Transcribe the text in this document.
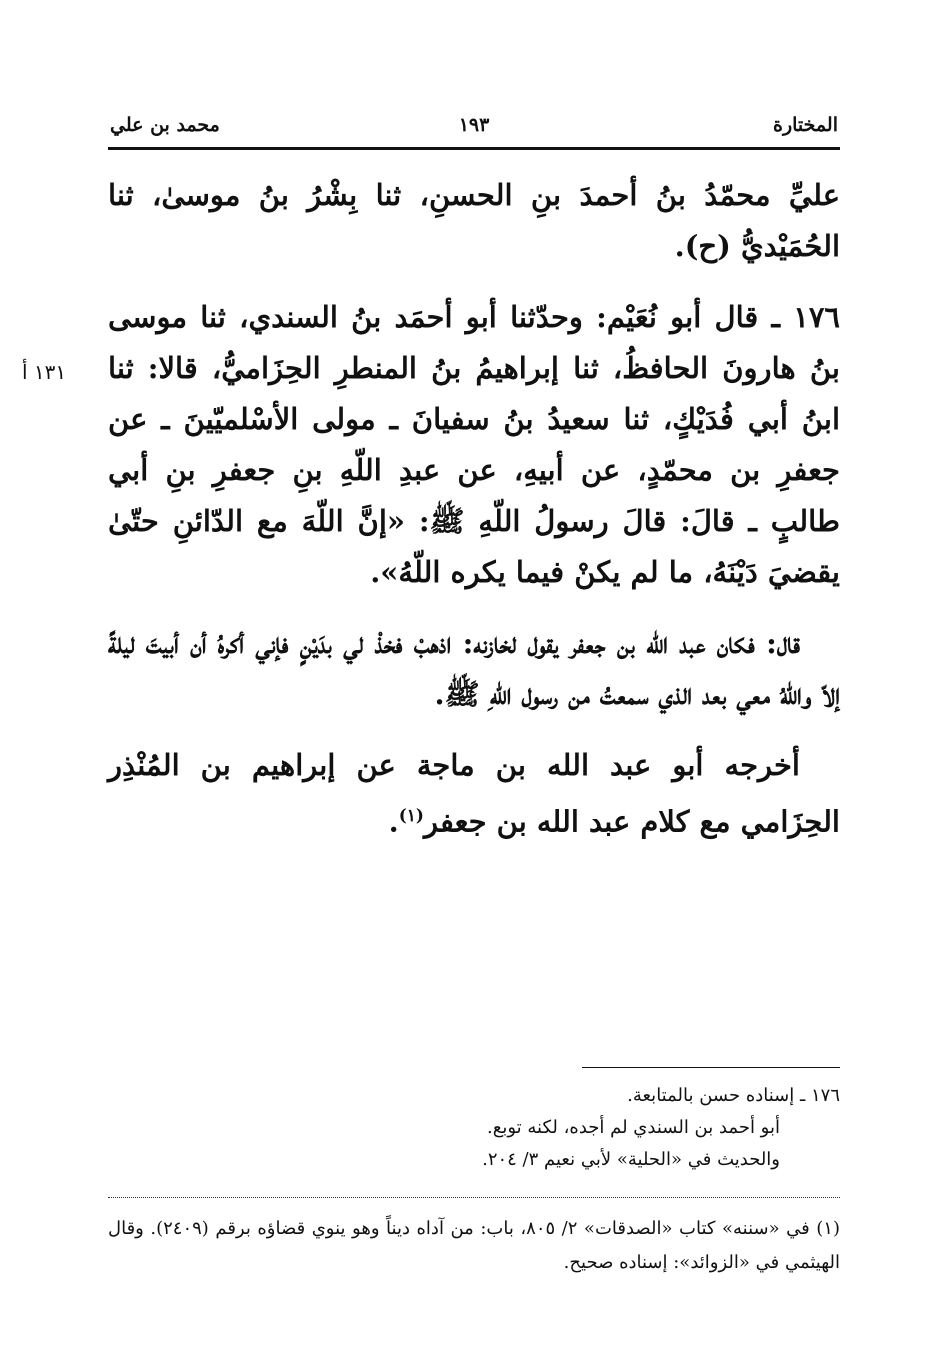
المختارة
١٩٣
محمد بن علي
١٣١ أ

عليِّ محمّدُ بنُ أحمدَ بنِ الحسنِ، ثنا بِشْرُ بنُ موسىٰ، ثنا الحُمَيْديُّ (ح).

١٧٦ ـ قال أبو نُعَيْم: وحدّثنا أبو أحمَد بنُ السندي، ثنا موسى بنُ هارونَ الحافظُ، ثنا إبراهيمُ بنُ المنطرِ الحِزَاميُّ، قالا: ثنا ابنُ أبي فُدَيْكٍ، ثنا سعيدُ بنُ سفيانَ ـ مولى الأسْلميّينَ ـ عن جعفرِ بن محمّدٍ، عن أبيهِ، عن عبدِ اللّهِ بنِ جعفرِ بنِ أبي طالبٍ ـ قالَ: قالَ رسولُ اللّهِ ﷺ: «إنَّ اللّهَ مع الدّائنِ حتّىٰ يقضيَ دَيْنَهُ، ما لم يكنْ فيما يكره اللّهُ».

قال: فكان عبد الله بن جعفر يقول لخازنه: اذهبْ فخذْ لي بدَيْنٍ فإني أكرهُ أن أبيتَ ليلةً إلاّ واللّهُ معي بعد الذي سمعتُ من رسول اللّهِ ﷺ.

أخرجه أبو عبد الله بن ماجة عن إبراهيم بن المُنْذِر الحِزَامي مع كلام عبد الله بن جعفر$^{(١)}$.

١٧٦ ـ إسناده حسن بالمتابعة.

أبو أحمد بن السندي لم أجده، لكنه توبع.

والحديث في «الحلية» لأبي نعيم ٣/ ٢٠٤.

(١) في «سننه» كتاب «الصدقات» ٢/ ٨٠٥، باب: من آداه ديناً وهو ينوي قضاؤه برقم (٢٤٠٩). وقال الهيثمي في «الزوائد»: إسناده صحيح.
